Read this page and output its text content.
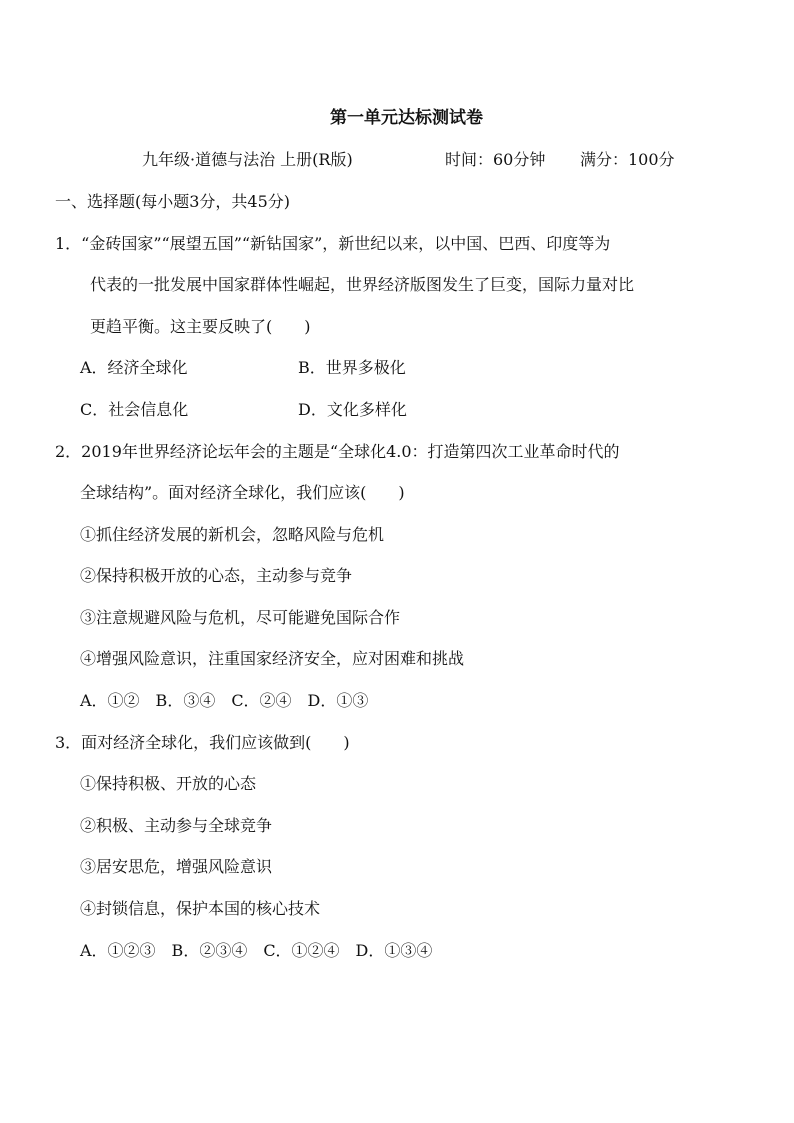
第一单元达标测试卷
九年级·道德与法治 上册(R版)	时间：60分钟 满分：100分
一、选择题(每小题3分，共45分)
1．“金砖国家”“展望五国”“新钻国家”，新世纪以来，以中国、巴西、印度等为
代表的一批发展中国家群体性崛起，世界经济版图发生了巨变，国际力量对比
更趋平衡。这主要反映了(　　)
A．经济全球化	B．世界多极化
C．社会信息化	D．文化多样化
2．2019年世界经济论坛年会的主题是“全球化4.0：打造第四次工业革命时代的
全球结构”。面对经济全球化，我们应该(　　)
①抓住经济发展的新机会，忽略风险与危机
②保持积极开放的心态，主动参与竞争
③注意规避风险与危机，尽可能避免国际合作
④增强风险意识，注重国家经济安全，应对困难和挑战
A．①②　B．③④　C．②④　D．①③
3．面对经济全球化，我们应该做到(　　)
①保持积极、开放的心态
②积极、主动参与全球竞争
③居安思危，增强风险意识
④封锁信息，保护本国的核心技术
A．①②③　B．②③④　C．①②④　D．①③④
